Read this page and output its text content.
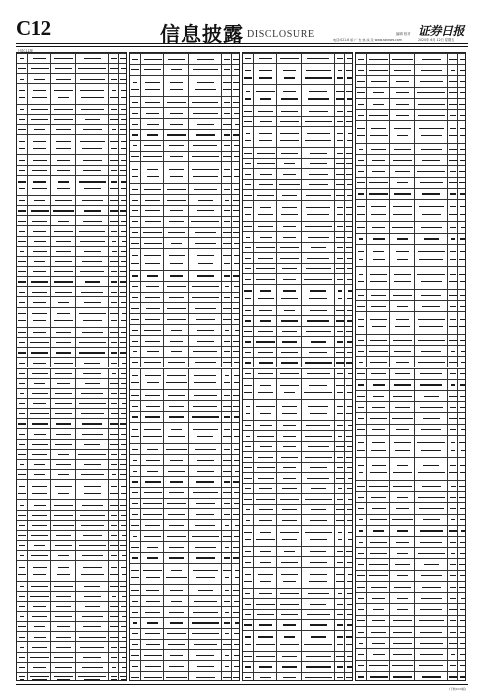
C12	信息披露 DISCLOSURE	编辑 校对
电话:021-6 版 广 告 热 线 及 www.ssnews.com
证券日报
2020年 6月 12日 星期五
上接C11版
(下转C13版)
